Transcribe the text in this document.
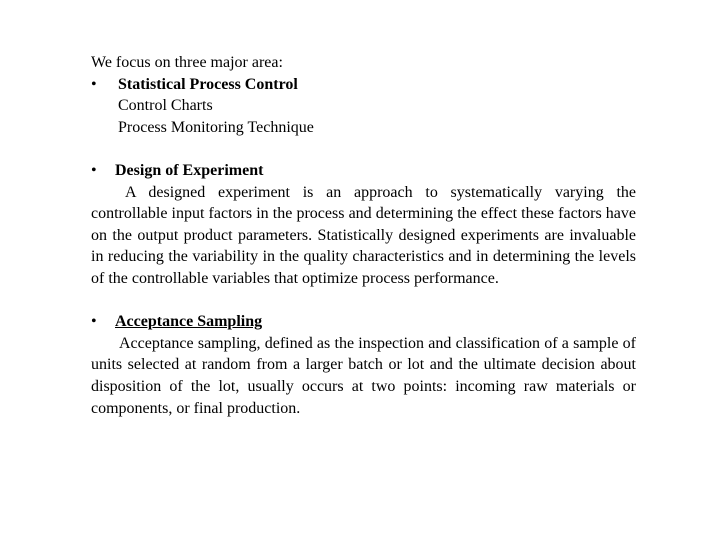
We focus on three major area:
•	Statistical Process Control
Control Charts
Process Monitoring Technique
•	Design of Experiment
A designed experiment is an approach to systematically varying the controllable input factors in the process and determining the effect these factors have on the output product parameters. Statistically designed experiments are invaluable in reducing the variability in the quality characteristics and in determining the levels of the controllable variables that optimize process performance.
•	Acceptance Sampling
Acceptance sampling, defined as the inspection and classification of a sample of units selected at random from a larger batch or lot and the ultimate decision about disposition of the lot, usually occurs at two points: incoming raw materials or components, or final production.
